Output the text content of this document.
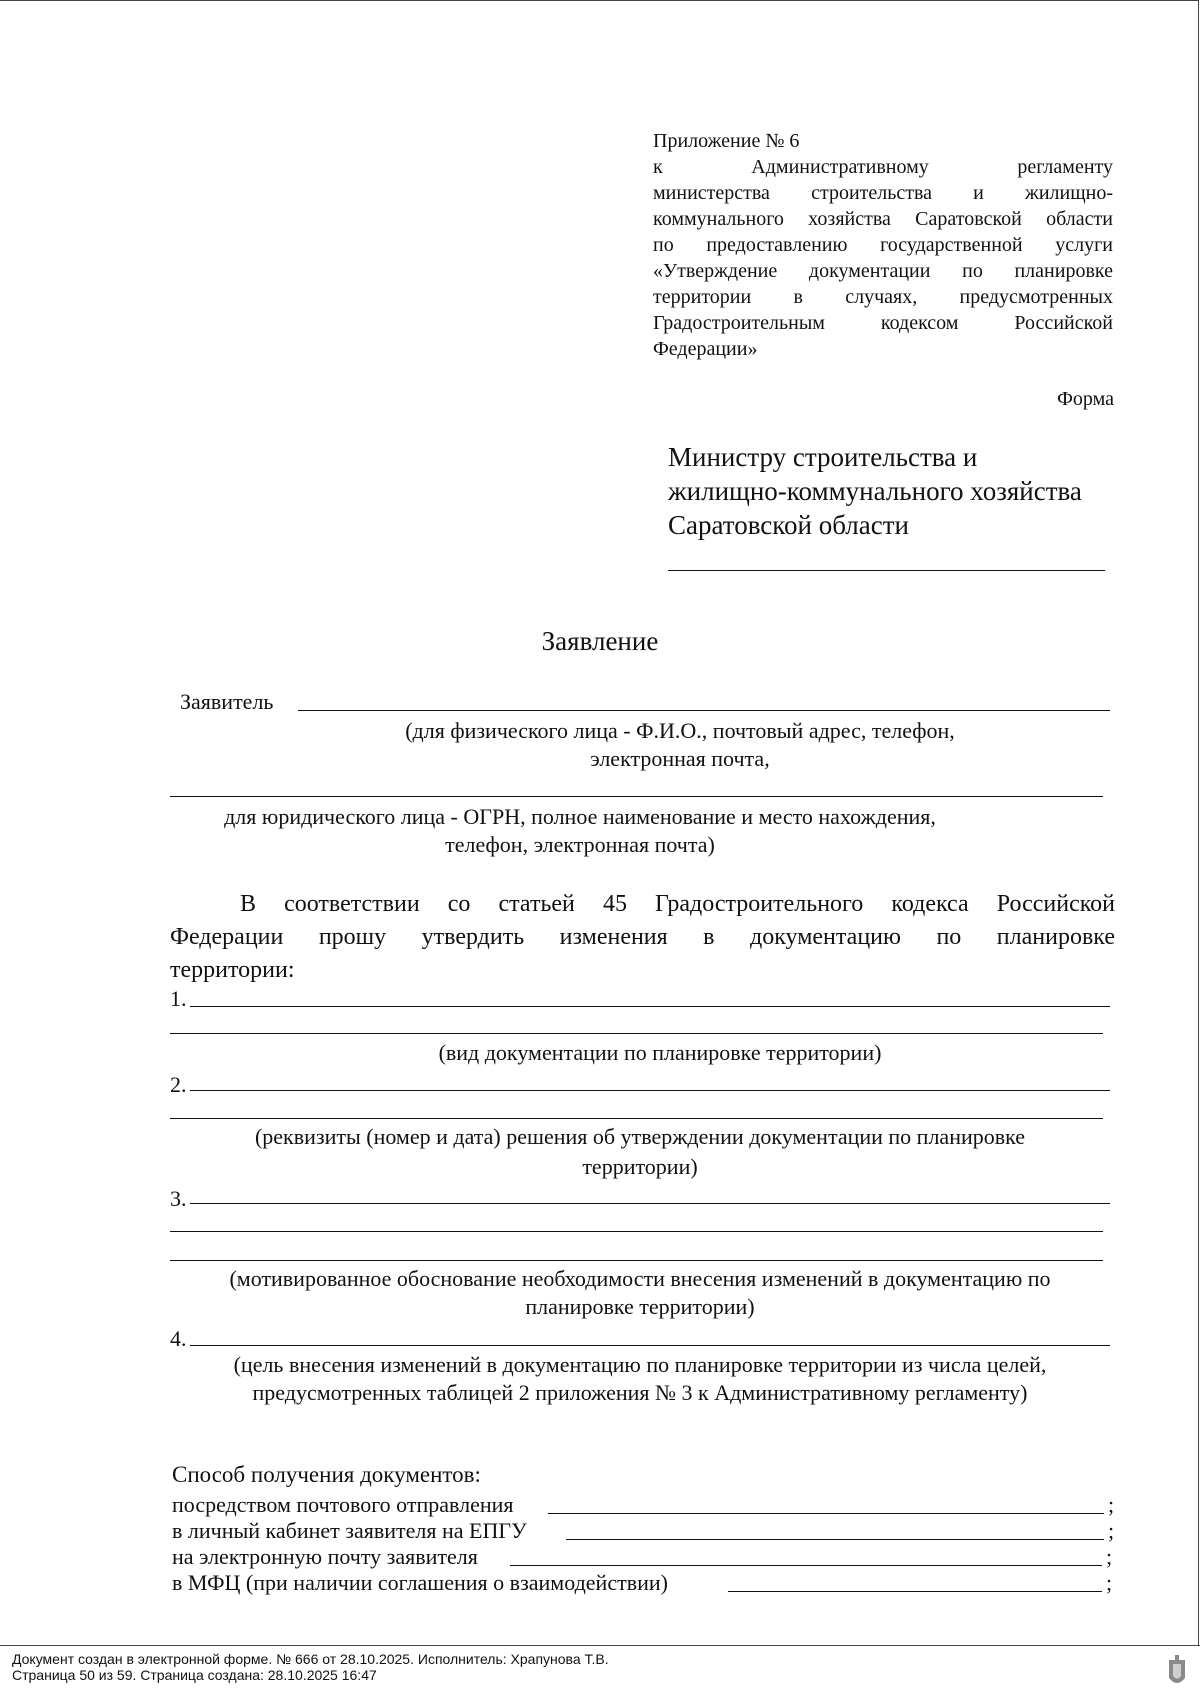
Приложение № 6
к Административному регламенту
министерства строительства и жилищно-
коммунального хозяйства Саратовской области
по предоставлению государственной услуги
«Утверждение документации по планировке
территории в случаях, предусмотренных
Градостроительным кодексом Российской
Федерации»
Форма
Министру строительства и
жилищно-коммунального хозяйства
Саратовской области
Заявление
Заявитель
(для физического лица - Ф.И.О., почтовый адрес, телефон,
электронная почта,
для юридического лица - ОГРН, полное наименование и место нахождения,
телефон, электронная почта)
В соответствии со статьей 45 Градостроительного кодекса Российской
Федерации прошу утвердить изменения в документацию по планировке
территории:
1.
(вид документации по планировке территории)
2.
(реквизиты (номер и дата) решения об утверждении документации по планировке
территории)
3.
(мотивированное обоснование необходимости внесения изменений в документацию по
планировке территории)
4.
(цель внесения изменений в документацию по планировке территории из числа целей,
предусмотренных таблицей 2 приложения № 3 к Административному регламенту)
Способ получения документов:
посредством почтового отправления	;
в личный кабинет заявителя на ЕПГУ	;
на электронную почту заявителя	;
в МФЦ (при наличии соглашения о взаимодействии)	;
Документ создан в электронной форме. № 666 от 28.10.2025. Исполнитель: Храпунова Т.В.
Страница 50 из 59. Страница создана: 28.10.2025 16:47
